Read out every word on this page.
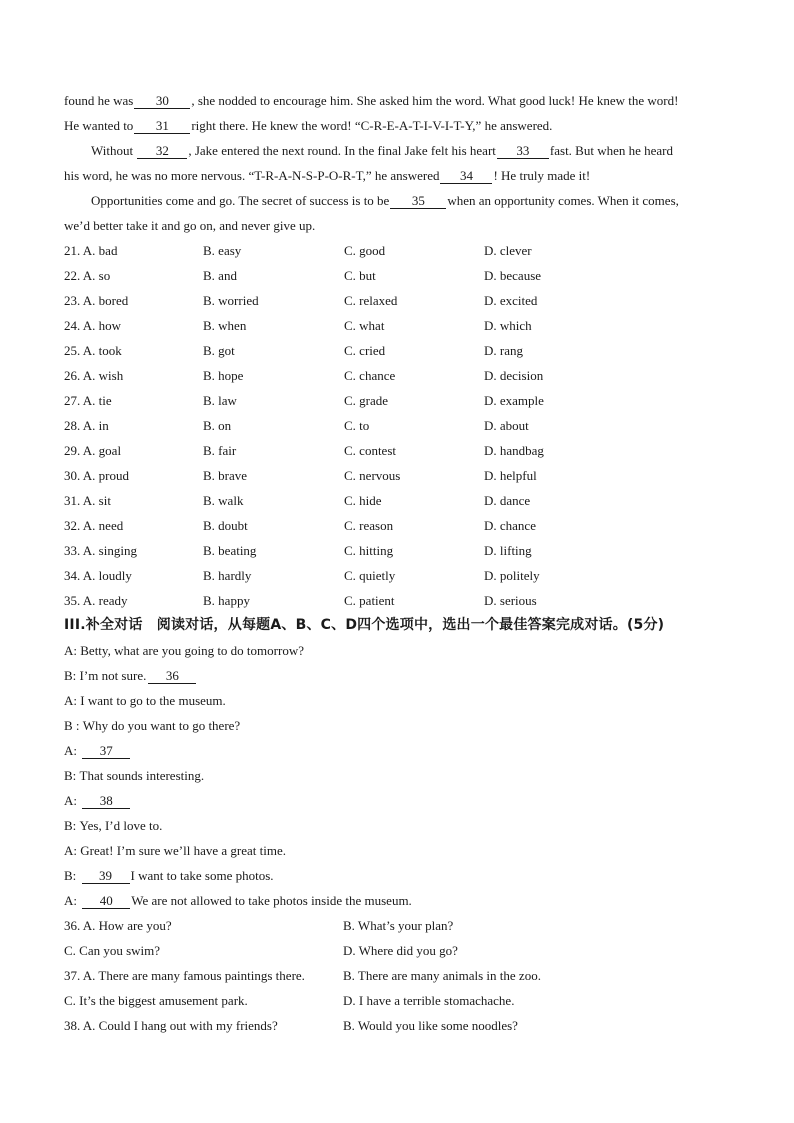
found he was 30 , she nodded to encourage him. She asked him the word. What good luck! He knew the word!
He wanted to 31 right there. He knew the word! “C-R-E-A-T-I-V-I-T-Y,” he answered.
Without 32 , Jake entered the next round. In the final Jake felt his heart 33 fast. But when he heard
his word, he was no more nervous. “T-R-A-N-S-P-O-R-T,” he answered 34 ! He truly made it!
Opportunities come and go. The secret of success is to be 35 when an opportunity comes. When it comes,
we’d better take it and go on, and never give up.
21. A. bad	B. easy	C. good	D. clever
22. A. so	B. and	C. but	D. because
23. A. bored	B. worried	C. relaxed	D. excited
24. A. how	B. when	C. what	D. which
25. A. took	B. got	C. cried	D. rang
26. A. wish	B. hope	C. chance	D. decision
27. A. tie	B. law	C. grade	D. example
28. A. in	B. on	C. to	D. about
29. A. goal	B. fair	C. contest	D. handbag
30. A. proud	B. brave	C. nervous	D. helpful
31. A. sit	B. walk	C. hide	D. dance
32. A. need	B. doubt	C. reason	D. chance
33. A. singing	B. beating	C. hitting	D. lifting
34. A. loudly	B. hardly	C. quietly	D. politely
35. A. ready	B. happy	C. patient	D. serious
III.补全对话　阅读对话，从每题A、B、C、D四个选项中，选出一个最佳答案完成对话。(5分)
A: Betty, what are you going to do tomorrow?
B: I’m not sure. 36
A: I want to go to the museum.
B : Why do you want to go there?
A: 37
B: That sounds interesting.
A: 38
B: Yes, I’d love to.
A: Great! I’m sure we’ll have a great time.
B: 39 I want to take some photos.
A: 40 We are not allowed to take photos inside the museum.
36. A. How are you?	B. What’s your plan?
C. Can you swim?	D. Where did you go?
37. A. There are many famous paintings there.	B. There are many animals in the zoo.
C. It’s the biggest amusement park.	D. I have a terrible stomachache.
38. A. Could I hang out with my friends?	B. Would you like some noodles?
